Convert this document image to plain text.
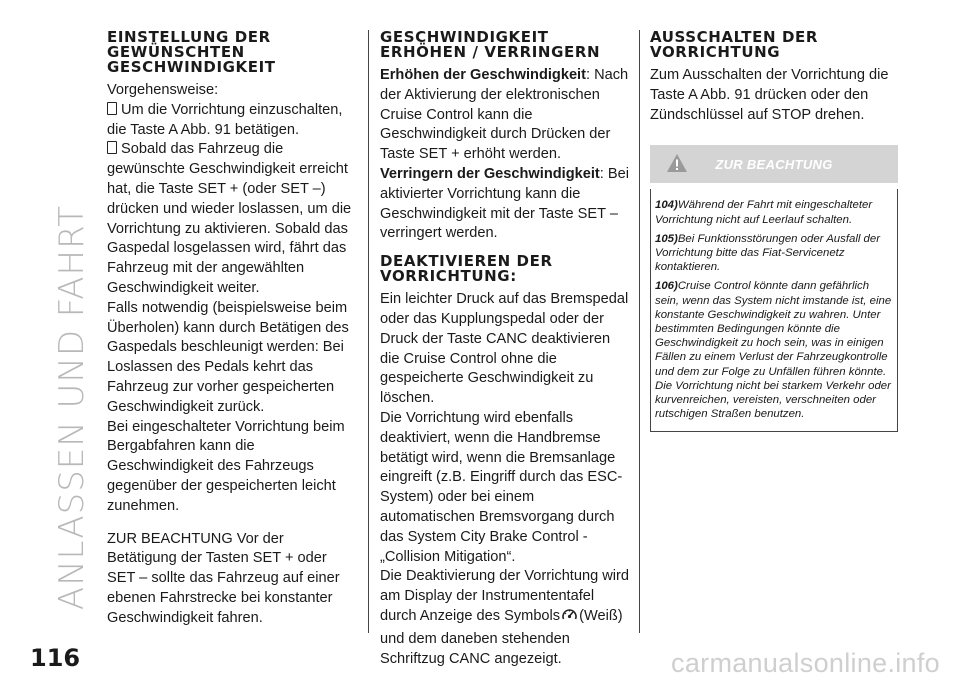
ANLASSEN UND FAHRT
EINSTELLUNG DER GEWÜNSCHTEN GESCHWINDIGKEIT

Vorgehensweise:

Um die Vorrichtung einzuschalten, die Taste A Abb. 91 betätigen.

Sobald das Fahrzeug die gewünschte Geschwindigkeit erreicht hat, die Taste SET + (oder SET –) drücken und wieder loslassen, um die Vorrichtung zu aktivieren. Sobald das Gaspedal losgelassen wird, fährt das Fahrzeug mit der angewählten Geschwindigkeit weiter.

Falls notwendig (beispielsweise beim Überholen) kann durch Betätigen des Gaspedals beschleunigt werden: Bei Loslassen des Pedals kehrt das Fahrzeug zur vorher gespeicherten Geschwindigkeit zurück.

Bei eingeschalteter Vorrichtung beim Bergabfahren kann die Geschwindigkeit des Fahrzeugs gegenüber der gespeicherten leicht zunehmen.

ZUR BEACHTUNG Vor der Betätigung der Tasten SET + oder SET – sollte das Fahrzeug auf einer ebenen Fahrstrecke bei konstanter Geschwindigkeit fahren.

GESCHWINDIGKEIT ERHÖHEN / VERRINGERN

Erhöhen der Geschwindigkeit: Nach der Aktivierung der elektronischen Cruise Control kann die Geschwindigkeit durch Drücken der Taste SET + erhöht werden.

Verringern der Geschwindigkeit: Bei aktivierter Vorrichtung kann die Geschwindigkeit mit der Taste SET – verringert werden.

DEAKTIVIEREN DER VORRICHTUNG:

Ein leichter Druck auf das Bremspedal oder das Kupplungspedal oder der Druck der Taste CANC deaktivieren die Cruise Control ohne die gespeicherte Geschwindigkeit zu löschen.

Die Vorrichtung wird ebenfalls deaktiviert, wenn die Handbremse betätigt wird, wenn die Bremsanlage eingreift (z.B. Eingriff durch das ESC-System) oder bei einem automatischen Bremsvorgang durch das System City Brake Control - „Collision Mitigation“.

Die Deaktivierung der Vorrichtung wird am Display der Instrumententafel durch Anzeige des Symbols (Weiß) und dem daneben stehenden Schriftzug CANC angezeigt.

AUSSCHALTEN DER VORRICHTUNG

Zum Ausschalten der Vorrichtung die Taste A Abb. 91 drücken oder den Zündschlüssel auf STOP drehen.

ZUR BEACHTUNG
104)Während der Fahrt mit eingeschalteter Vorrichtung nicht auf Leerlauf schalten.
105)Bei Funktionsstörungen oder Ausfall der Vorrichtung bitte das Fiat-Servicenetz kontaktieren.
106)Cruise Control könnte dann gefährlich sein, wenn das System nicht imstande ist, eine konstante Geschwindigkeit zu wahren. Unter bestimmten Bedingungen könnte die Geschwindigkeit zu hoch sein, was in einigen Fällen zu einem Verlust der Fahrzeugkontrolle und dem zur Folge zu Unfällen führen könnte. Die Vorrichtung nicht bei starkem Verkehr oder kurvenreichen, vereisten, verschneiten oder rutschigen Straßen benutzen.
116	carmanualsonline.info
